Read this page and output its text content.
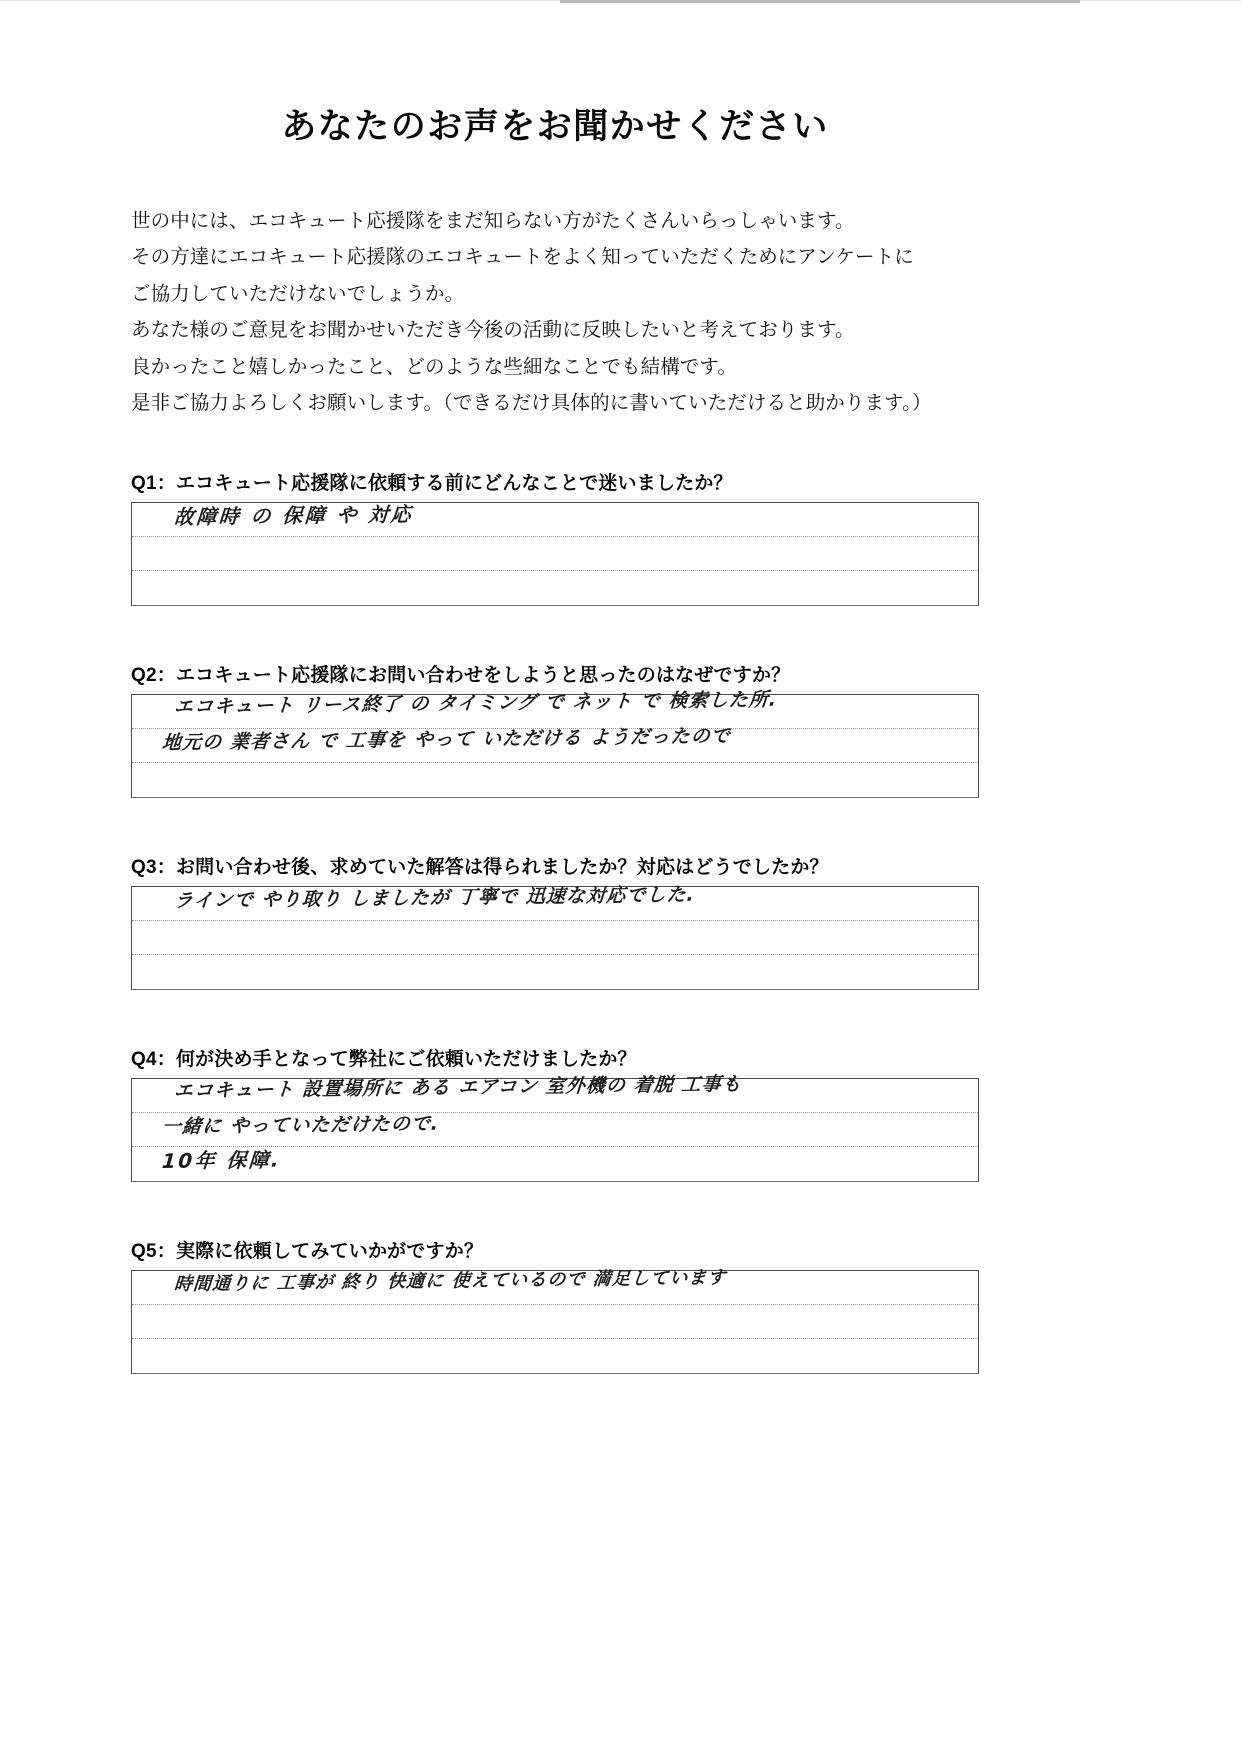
あなたのお声をお聞かせください
世の中には、エコキュート応援隊をまだ知らない方がたくさんいらっしゃいます。
その方達にエコキュート応援隊のエコキュートをよく知っていただくためにアンケートに
ご協力していただけないでしょうか。
あなた様のご意見をお聞かせいただき今後の活動に反映したいと考えております。
良かったこと嬉しかったこと、どのような些細なことでも結構です。
是非ご協力よろしくお願いします。（できるだけ具体的に書いていただけると助かります。）
Q1：エコキュート応援隊に依頼する前にどんなことで迷いましたか？
故障時 の 保障 や 対応
Q2：エコキュート応援隊にお問い合わせをしようと思ったのはなぜですか？
エコキュート リース終了 の タイミング で ネット で 検索した所.
地元の 業者さん で 工事を やって いただける ようだったので
Q3：お問い合わせ後、求めていた解答は得られましたか？対応はどうでしたか？
ラインで やり取り しましたが 丁寧で 迅速な対応でした.
Q4：何が決め手となって弊社にご依頼いただけましたか？
エコキュート 設置場所に ある エアコン 室外機の 着脱 工事も
一緒に やっていただけたので.
10年 保障.
Q5：実際に依頼してみていかがですか？
時間通りに 工事が 終り 快適に 使えているので 満足しています
